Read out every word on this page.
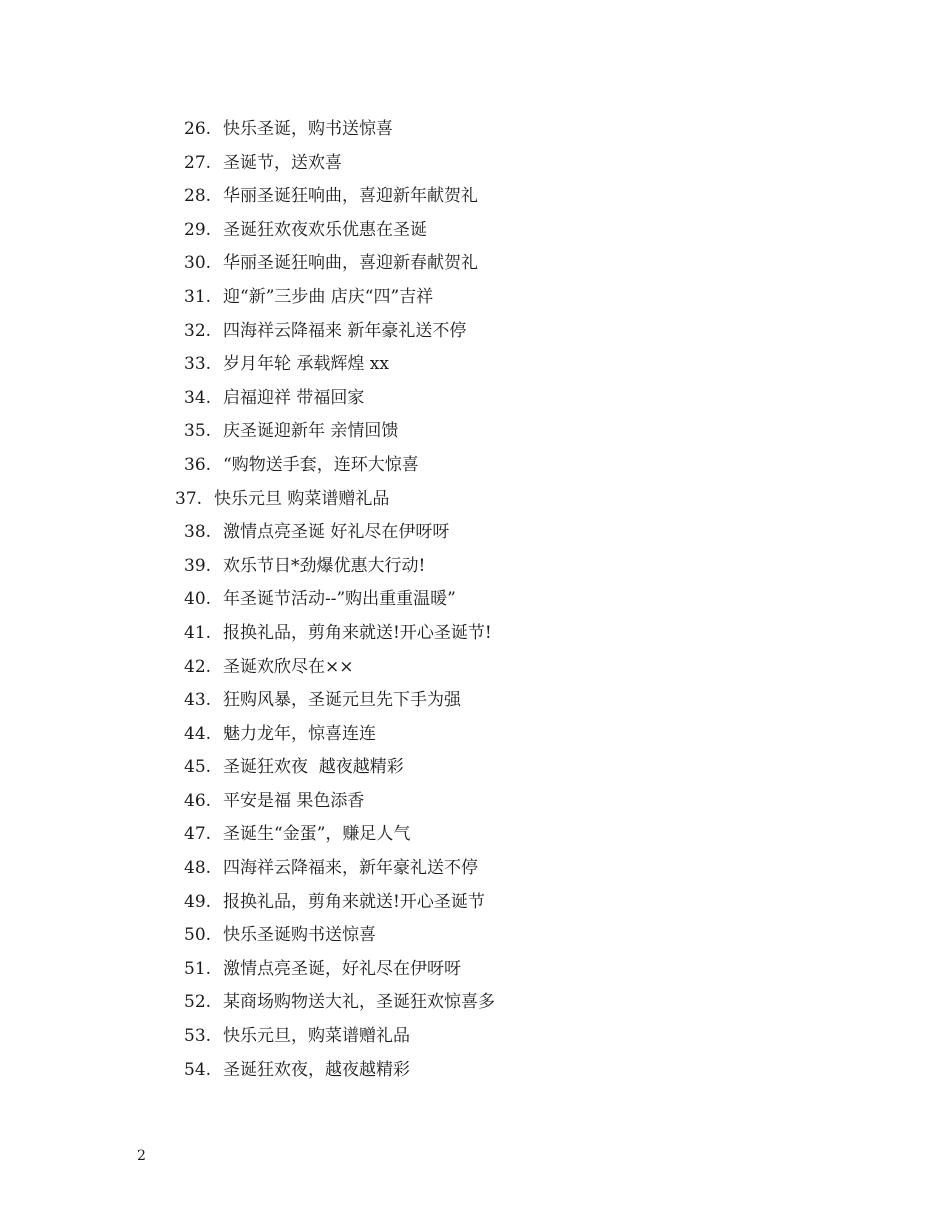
26. 快乐圣诞，购书送惊喜
27. 圣诞节，送欢喜
28. 华丽圣诞狂响曲，喜迎新年献贺礼
29. 圣诞狂欢夜欢乐优惠在圣诞
30. 华丽圣诞狂响曲，喜迎新春献贺礼
31. 迎“新”三步曲 店庆“四”吉祥
32. 四海祥云降福来 新年豪礼送不停
33. 岁月年轮 承载辉煌 xx
34. 启福迎祥 带福回家
35. 庆圣诞迎新年 亲情回馈
36. “购物送手套，连环大惊喜
37. 快乐元旦 购菜谱赠礼品
38. 激情点亮圣诞 好礼尽在伊呀呀
39. 欢乐节日*劲爆优惠大行动!
40. 年圣诞节活动--”购出重重温暖”
41. 报换礼品，剪角来就送!开心圣诞节!
42. 圣诞欢欣尽在××
43. 狂购风暴，圣诞元旦先下手为强
44. 魅力龙年，惊喜连连
45. 圣诞狂欢夜  越夜越精彩
46. 平安是福 果色添香
47. 圣诞生“金蛋”，赚足人气
48. 四海祥云降福来，新年豪礼送不停
49. 报换礼品，剪角来就送!开心圣诞节
50. 快乐圣诞购书送惊喜
51. 激情点亮圣诞，好礼尽在伊呀呀
52. 某商场购物送大礼，圣诞狂欢惊喜多
53. 快乐元旦，购菜谱赠礼品
54. 圣诞狂欢夜，越夜越精彩
2
